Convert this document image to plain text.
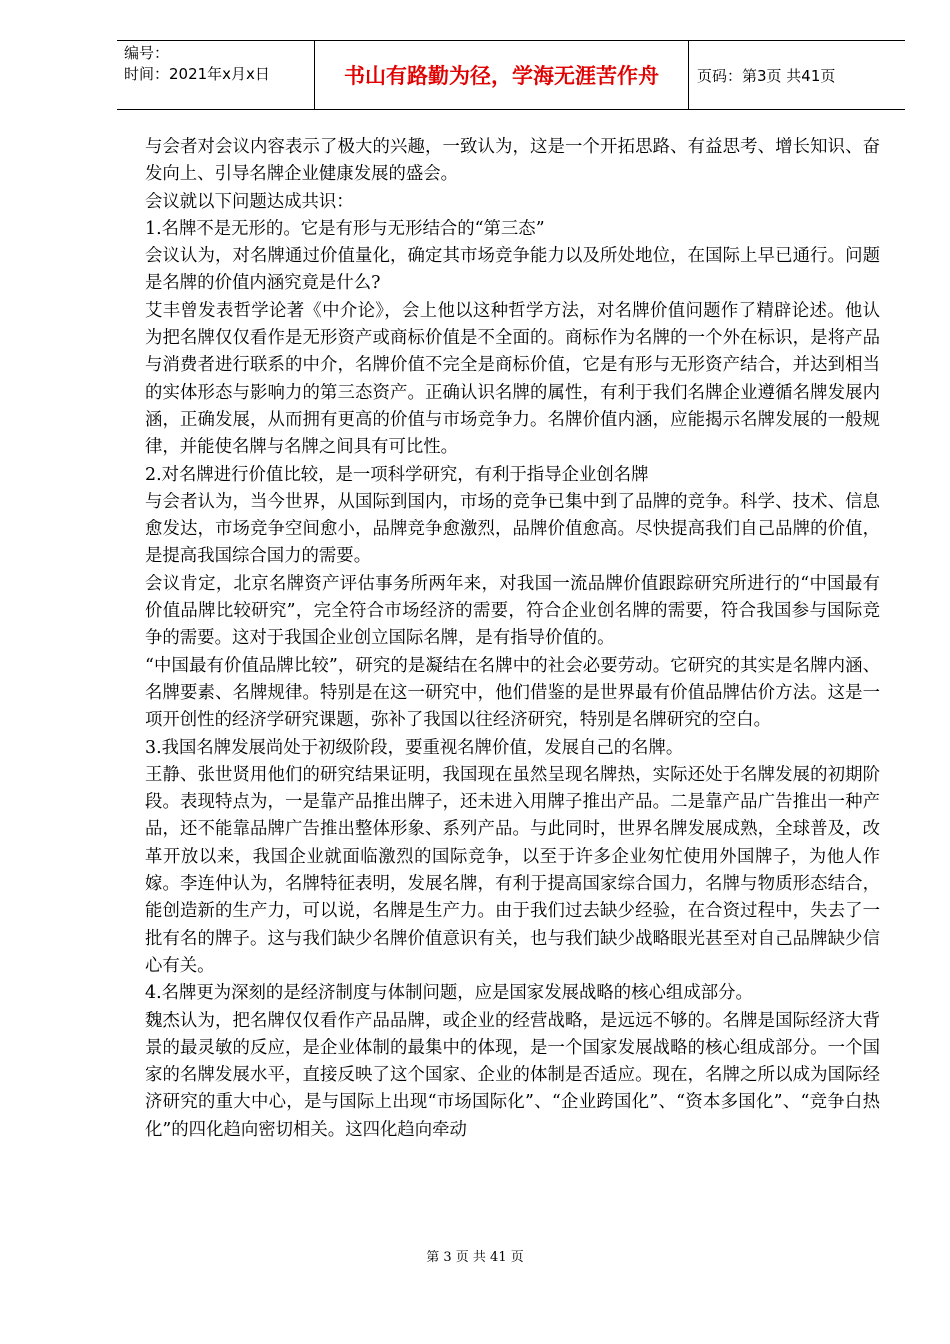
编号：
时间：2021年x月x日	书山有路勤为径，学海无涯苦作舟	页码：第3页 共41页

与会者对会议内容表示了极大的兴趣，一致认为，这是一个开拓思路、有益思考、增长知识、奋发向上、引导名牌企业健康发展的盛会。

会议就以下问题达成共识：

1.名牌不是无形的。它是有形与无形结合的“第三态”

会议认为，对名牌通过价值量化，确定其市场竞争能力以及所处地位，在国际上早已通行。问题是名牌的价值内涵究竟是什么?

艾丰曾发表哲学论著《中介论》，会上他以这种哲学方法，对名牌价值问题作了精辟论述。他认为把名牌仅仅看作是无形资产或商标价值是不全面的。商标作为名牌的一个外在标识，是将产品与消费者进行联系的中介，名牌价值不完全是商标价值，它是有形与无形资产结合，并达到相当的实体形态与影响力的第三态资产。正确认识名牌的属性，有利于我们名牌企业遵循名牌发展内涵，正确发展，从而拥有更高的价值与市场竞争力。名牌价值内涵，应能揭示名牌发展的一般规律，并能使名牌与名牌之间具有可比性。

2.对名牌进行价值比较，是一项科学研究，有利于指导企业创名牌

与会者认为，当今世界，从国际到国内，市场的竞争已集中到了品牌的竞争。科学、技术、信息愈发达，市场竞争空间愈小，品牌竞争愈激烈，品牌价值愈高。尽快提高我们自己品牌的价值，是提高我国综合国力的需要。

会议肯定，北京名牌资产评估事务所两年来，对我国一流品牌价值跟踪研究所进行的“中国最有价值品牌比较研究”，完全符合市场经济的需要，符合企业创名牌的需要，符合我国参与国际竞争的需要。这对于我国企业创立国际名牌，是有指导价值的。

“中国最有价值品牌比较”，研究的是凝结在名牌中的社会必要劳动。它研究的其实是名牌内涵、名牌要素、名牌规律。特别是在这一研究中，他们借鉴的是世界最有价值品牌估价方法。这是一项开创性的经济学研究课题，弥补了我国以往经济研究，特别是名牌研究的空白。

3.我国名牌发展尚处于初级阶段，要重视名牌价值，发展自己的名牌。

王静、张世贤用他们的研究结果证明，我国现在虽然呈现名牌热，实际还处于名牌发展的初期阶段。表现特点为，一是靠产品推出牌子，还未进入用牌子推出产品。二是靠产品广告推出一种产品，还不能靠品牌广告推出整体形象、系列产品。与此同时，世界名牌发展成熟，全球普及，改革开放以来，我国企业就面临激烈的国际竞争，以至于许多企业匆忙使用外国牌子，为他人作嫁。李连仲认为，名牌特征表明，发展名牌，有利于提高国家综合国力，名牌与物质形态结合，能创造新的生产力，可以说，名牌是生产力。由于我们过去缺少经验，在合资过程中，失去了一批有名的牌子。这与我们缺少名牌价值意识有关，也与我们缺少战略眼光甚至对自己品牌缺少信心有关。

4.名牌更为深刻的是经济制度与体制问题，应是国家发展战略的核心组成部分。

魏杰认为，把名牌仅仅看作产品品牌，或企业的经营战略，是远远不够的。名牌是国际经济大背景的最灵敏的反应，是企业体制的最集中的体现，是一个国家发展战略的核心组成部分。一个国家的名牌发展水平，直接反映了这个国家、企业的体制是否适应。现在，名牌之所以成为国际经济研究的重大中心，是与国际上出现“市场国际化”、“企业跨国化”、“资本多国化”、“竞争白热化”的四化趋向密切相关。这四化趋向牵动

第 3 页 共 41 页
